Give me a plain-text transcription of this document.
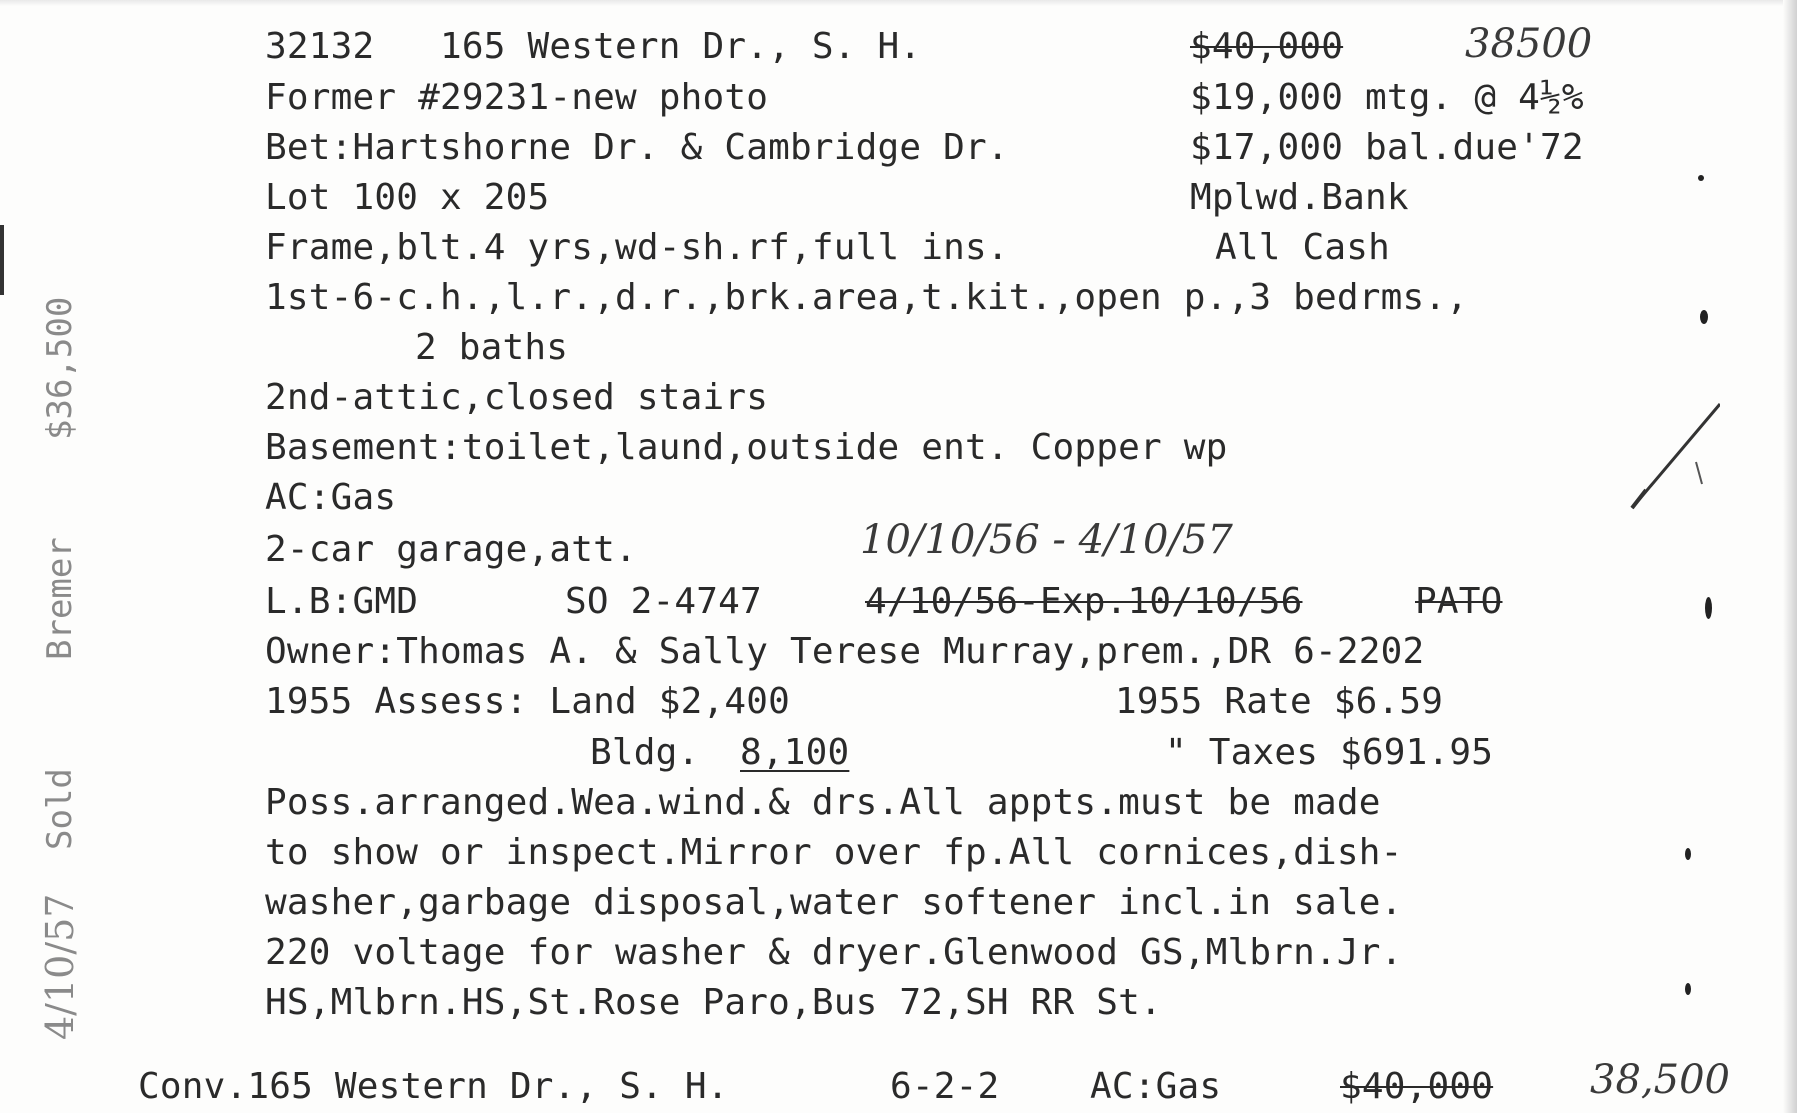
4/10/57
Sold
Bremer
$36,500
32132 165 Western Dr., S. H.	$40,000	38500
Former #29231-new photo	$19,000 mtg. @ 4½%
Bet:Hartshorne Dr. & Cambridge Dr.	$17,000 bal.due'72
Lot 100 x 205	Mplwd.Bank
Frame,blt.4 yrs,wd-sh.rf,full ins.	All Cash
1st-6-c.h.,l.r.,d.r.,brk.area,t.kit.,open p.,3 bedrms.,
2 baths
2nd-attic,closed stairs
Basement:toilet,laund,outside ent. Copper wp
AC:Gas
2-car garage,att.	10/10/56 - 4/10/57
L.B:GMD	SO 2-4747	4/10/56-Exp.10/10/56	PATO
Owner:Thomas A. & Sally Terese Murray,prem.,DR 6-2202
1955 Assess: Land $2,400	1955 Rate $6.59
Bldg. 8,100	" Taxes $691.95
Poss.arranged.Wea.wind.& drs.All appts.must be made
to show or inspect.Mirror over fp.All cornices,dish-
washer,garbage disposal,water softener incl.in sale.
220 voltage for washer & dryer.Glenwood GS,Mlbrn.Jr.
HS,Mlbrn.HS,St.Rose Paro,Bus 72,SH RR St.
Conv.165 Western Dr., S. H.	6-2-2	AC:Gas	$40,000 38,500
